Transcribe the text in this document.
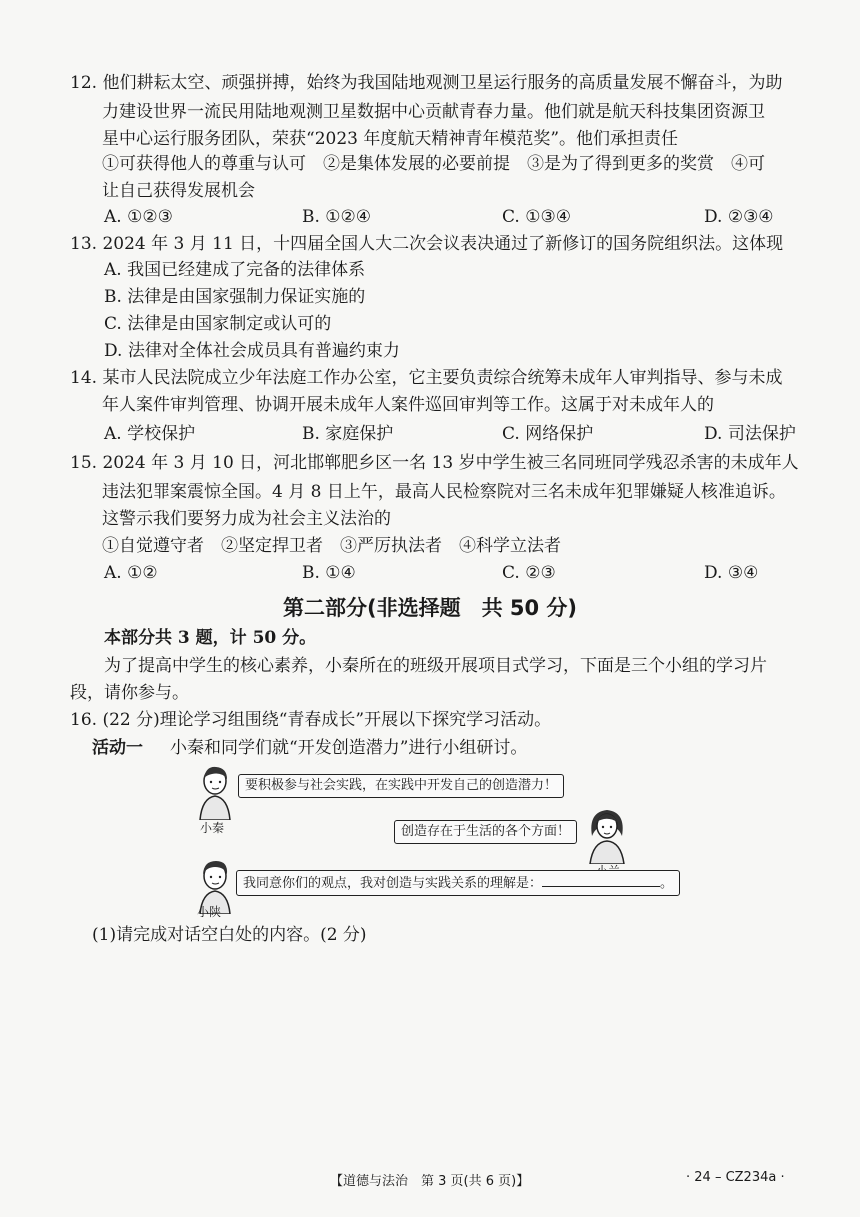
12. 他们耕耘太空、顽强拼搏，始终为我国陆地观测卫星运行服务的高质量发展不懈奋斗，为助
力建设世界一流民用陆地观测卫星数据中心贡献青春力量。他们就是航天科技集团资源卫
星中心运行服务团队，荣获“2023 年度航天精神青年模范奖”。他们承担责任
①可获得他人的尊重与认可　②是集体发展的必要前提　③是为了得到更多的奖赏　④可
让自己获得发展机会
A. ①②③	B. ①②④	C. ①③④	D. ②③④
13. 2024 年 3 月 11 日，十四届全国人大二次会议表决通过了新修订的国务院组织法。这体现
A. 我国已经建成了完备的法律体系
B. 法律是由国家强制力保证实施的
C. 法律是由国家制定或认可的
D. 法律对全体社会成员具有普遍约束力
14. 某市人民法院成立少年法庭工作办公室，它主要负责综合统筹未成年人审判指导、参与未成
年人案件审判管理、协调开展未成年人案件巡回审判等工作。这属于对未成年人的
A. 学校保护	B. 家庭保护	C. 网络保护	D. 司法保护
15. 2024 年 3 月 10 日，河北邯郸肥乡区一名 13 岁中学生被三名同班同学残忍杀害的未成年人
违法犯罪案震惊全国。4 月 8 日上午，最高人民检察院对三名未成年犯罪嫌疑人核准追诉。
这警示我们要努力成为社会主义法治的
①自觉遵守者　②坚定捍卫者　③严厉执法者　④科学立法者
A. ①②	B. ①④	C. ②③	D. ③④
第二部分(非选择题　共 50 分)
本部分共 3 题，计 50 分。
为了提高中学生的核心素养，小秦所在的班级开展项目式学习，下面是三个小组的学习片
段，请你参与。
16. (22 分)理论学习组围绕“青春成长”开展以下探究学习活动。
活动一 小秦和同学们就“开发创造潜力”进行小组研讨。
小秦
要积极参与社会实践，在实践中开发自己的创造潜力！
创造存在于生活的各个方面！
小陕
我同意你们的观点，我对创造与实践关系的理解是：	。
(1)请完成对话空白处的内容。(2 分)
【道德与法治　第 3 页(共 6 页)】	· 24 – CZ234a ·
